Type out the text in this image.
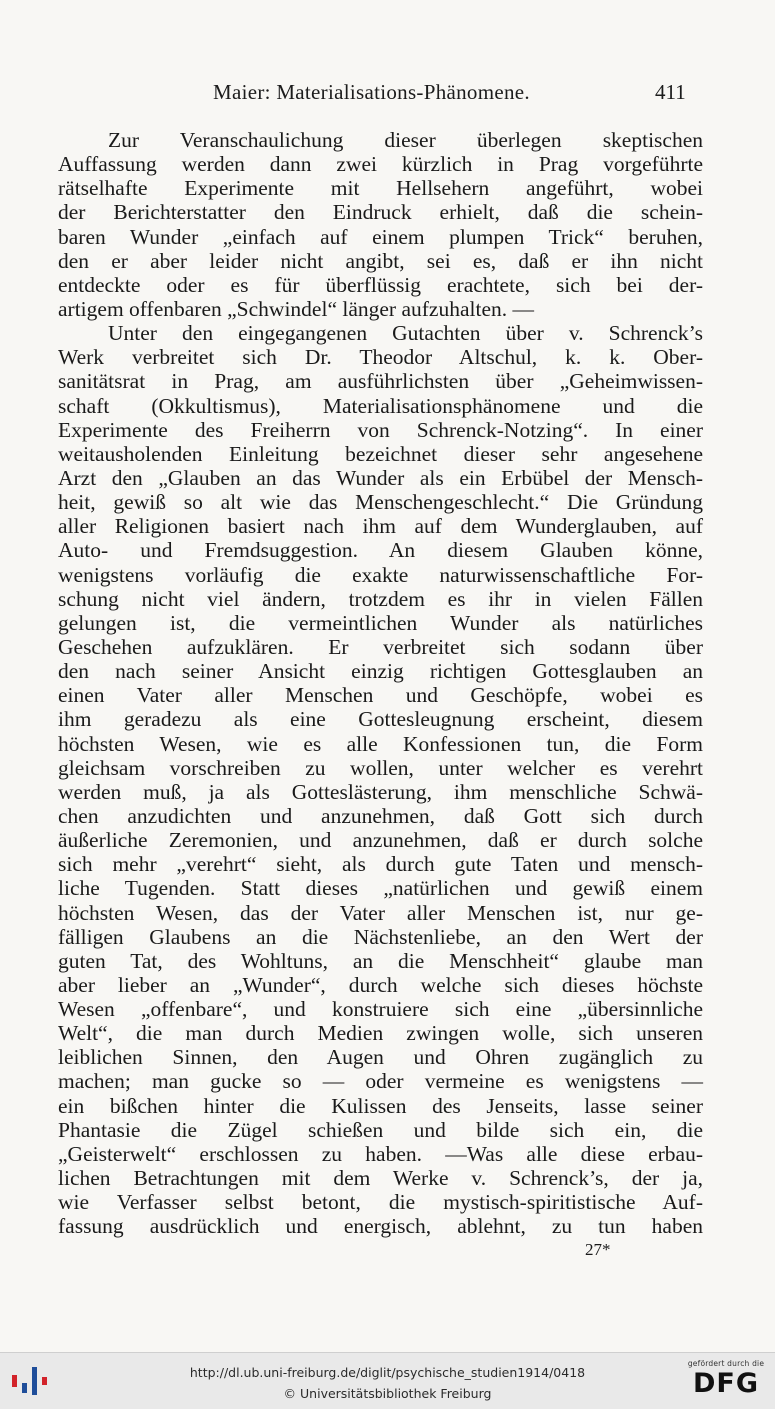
Maier: Materialisations-Phänomene.	411
Zur Veranschaulichung dieser überlegen skeptischen
Auffassung werden dann zwei kürzlich in Prag vorgeführte
rätselhafte Experimente mit Hellsehern angeführt, wobei
der Berichterstatter den Eindruck erhielt, daß die schein-
baren Wunder „einfach auf einem plumpen Trick“ beruhen,
den er aber leider nicht angibt, sei es, daß er ihn nicht
entdeckte oder es für überflüssig erachtete, sich bei der-
artigem offenbaren „Schwindel“ länger aufzuhalten. —
Unter den eingegangenen Gutachten über v. Schrenck’s
Werk verbreitet sich Dr. Theodor Altschul, k. k. Ober-
sanitätsrat in Prag, am ausführlichsten über „Geheimwissen-
schaft (Okkultismus), Materialisationsphänomene und die
Experimente des Freiherrn von Schrenck-Notzing“. In einer
weitausholenden Einleitung bezeichnet dieser sehr angesehene
Arzt den „Glauben an das Wunder als ein Erbübel der Mensch-
heit, gewiß so alt wie das Menschengeschlecht.“ Die Gründung
aller Religionen basiert nach ihm auf dem Wunderglauben, auf
Auto- und Fremdsuggestion. An diesem Glauben könne,
wenigstens vorläufig die exakte naturwissenschaftliche For-
schung nicht viel ändern, trotzdem es ihr in vielen Fällen
gelungen ist, die vermeintlichen Wunder als natürliches
Geschehen aufzuklären. Er verbreitet sich sodann über
den nach seiner Ansicht einzig richtigen Gottesglauben an
einen Vater aller Menschen und Geschöpfe, wobei es
ihm geradezu als eine Gottesleugnung erscheint, diesem
höchsten Wesen, wie es alle Konfessionen tun, die Form
gleichsam vorschreiben zu wollen, unter welcher es verehrt
werden muß, ja als Gotteslästerung, ihm menschliche Schwä-
chen anzudichten und anzunehmen, daß Gott sich durch
äußerliche Zeremonien, und anzunehmen, daß er durch solche
sich mehr „verehrt“ sieht, als durch gute Taten und mensch-
liche Tugenden. Statt dieses „natürlichen und gewiß einem
höchsten Wesen, das der Vater aller Menschen ist, nur ge-
fälligen Glaubens an die Nächstenliebe, an den Wert der
guten Tat, des Wohltuns, an die Menschheit“ glaube man
aber lieber an „Wunder“, durch welche sich dieses höchste
Wesen „offenbare“, und konstruiere sich eine „übersinnliche
Welt“, die man durch Medien zwingen wolle, sich unseren
leiblichen Sinnen, den Augen und Ohren zugänglich zu
machen; man gucke so — oder vermeine es wenigstens —
ein bißchen hinter die Kulissen des Jenseits, lasse seiner
Phantasie die Zügel schießen und bilde sich ein, die
„Geisterwelt“ erschlossen zu haben. —Was alle diese erbau-
lichen Betrachtungen mit dem Werke v. Schrenck’s, der ja,
wie Verfasser selbst betont, die mystisch-spiritistische Auf-
fassung ausdrücklich und energisch, ablehnt, zu tun haben
27*
http://dl.ub.uni-freiburg.de/diglit/psychische_studien1914/0418
© Universitätsbibliothek Freiburg
gefördert durch die
DFG
